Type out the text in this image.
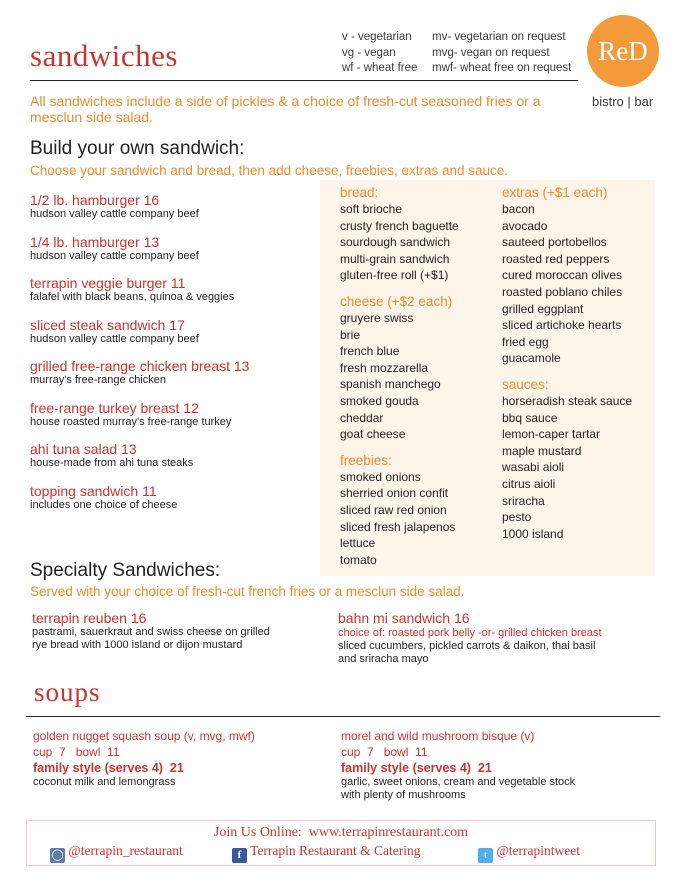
sandwiches
v - vegetarian
vg - vegan
wf - wheat free
mv- vegetarian on request
mvg- vegan on request
mwf- wheat free on request
ReD
bistro | bar
All sandwiches include a side of pickles & a choice of fresh-cut seasoned fries or a mesclun side salad.
Build your own sandwich:
Choose your sandwich and bread, then add cheese, freebies, extras and sauce.
1/2 lb. hamburger 16
hudson valley cattle company beef
1/4 lb. hamburger 13
hudson valley cattle company beef
terrapin veggie burger 11
falafel with black beans, quinoa & veggies
sliced steak sandwich 17
hudson valley cattle company beef
grilled free-range chicken breast 13
murray's free-range chicken
free-range turkey breast 12
house roasted murray's free-range turkey
ahi tuna salad 13
house-made from ahi tuna steaks
topping sandwich 11
includes one choice of cheese
bread:
soft brioche
crusty french baguette
sourdough sandwich
multi-grain sandwich
gluten-free roll (+$1)
cheese (+$2 each)
gruyere swiss
brie
french blue
fresh mozzarella
spanish manchego
smoked gouda
cheddar
goat cheese
freebies:
smoked onions
sherried onion confit
sliced raw red onion
sliced fresh jalapenos
lettuce
tomato
extras (+$1 each)
bacon
avocado
sauteed portobellos
roasted red peppers
cured moroccan olives
roasted poblano chiles
grilled eggplant
sliced artichoke hearts
fried egg
guacamole
sauces:
horseradish steak sauce
bbq sauce
lemon-caper tartar
maple mustard
wasabi aioli
citrus aioli
sriracha
pesto
1000 island
Specialty Sandwiches:
Served with your choice of fresh-cut french fries or a mesclun side salad.
terrapin reuben 16
pastrami, sauerkraut and swiss cheese on grilled
rye bread with 1000 island or dijon mustard
bahn mi sandwich 16
choice of: roasted pork belly -or- grilled chicken breast
sliced cucumbers, pickled carrots & daikon, thai basil
and sriracha mayo
soups
golden nugget squash soup (v, mvg, mwf)
cup  7   bowl  11
family style (serves 4)  21
coconut milk and lemongrass
morel and wild mushroom bisque (v)
cup  7   bowl  11
family style (serves 4)  21
garlic, sweet onions, cream and vegetable stock
with plenty of mushrooms
Join Us Online:  www.terrapinrestaurant.com
◯ @terrapin_restaurant	f Terrapin Restaurant & Catering	t @terrapintweet
